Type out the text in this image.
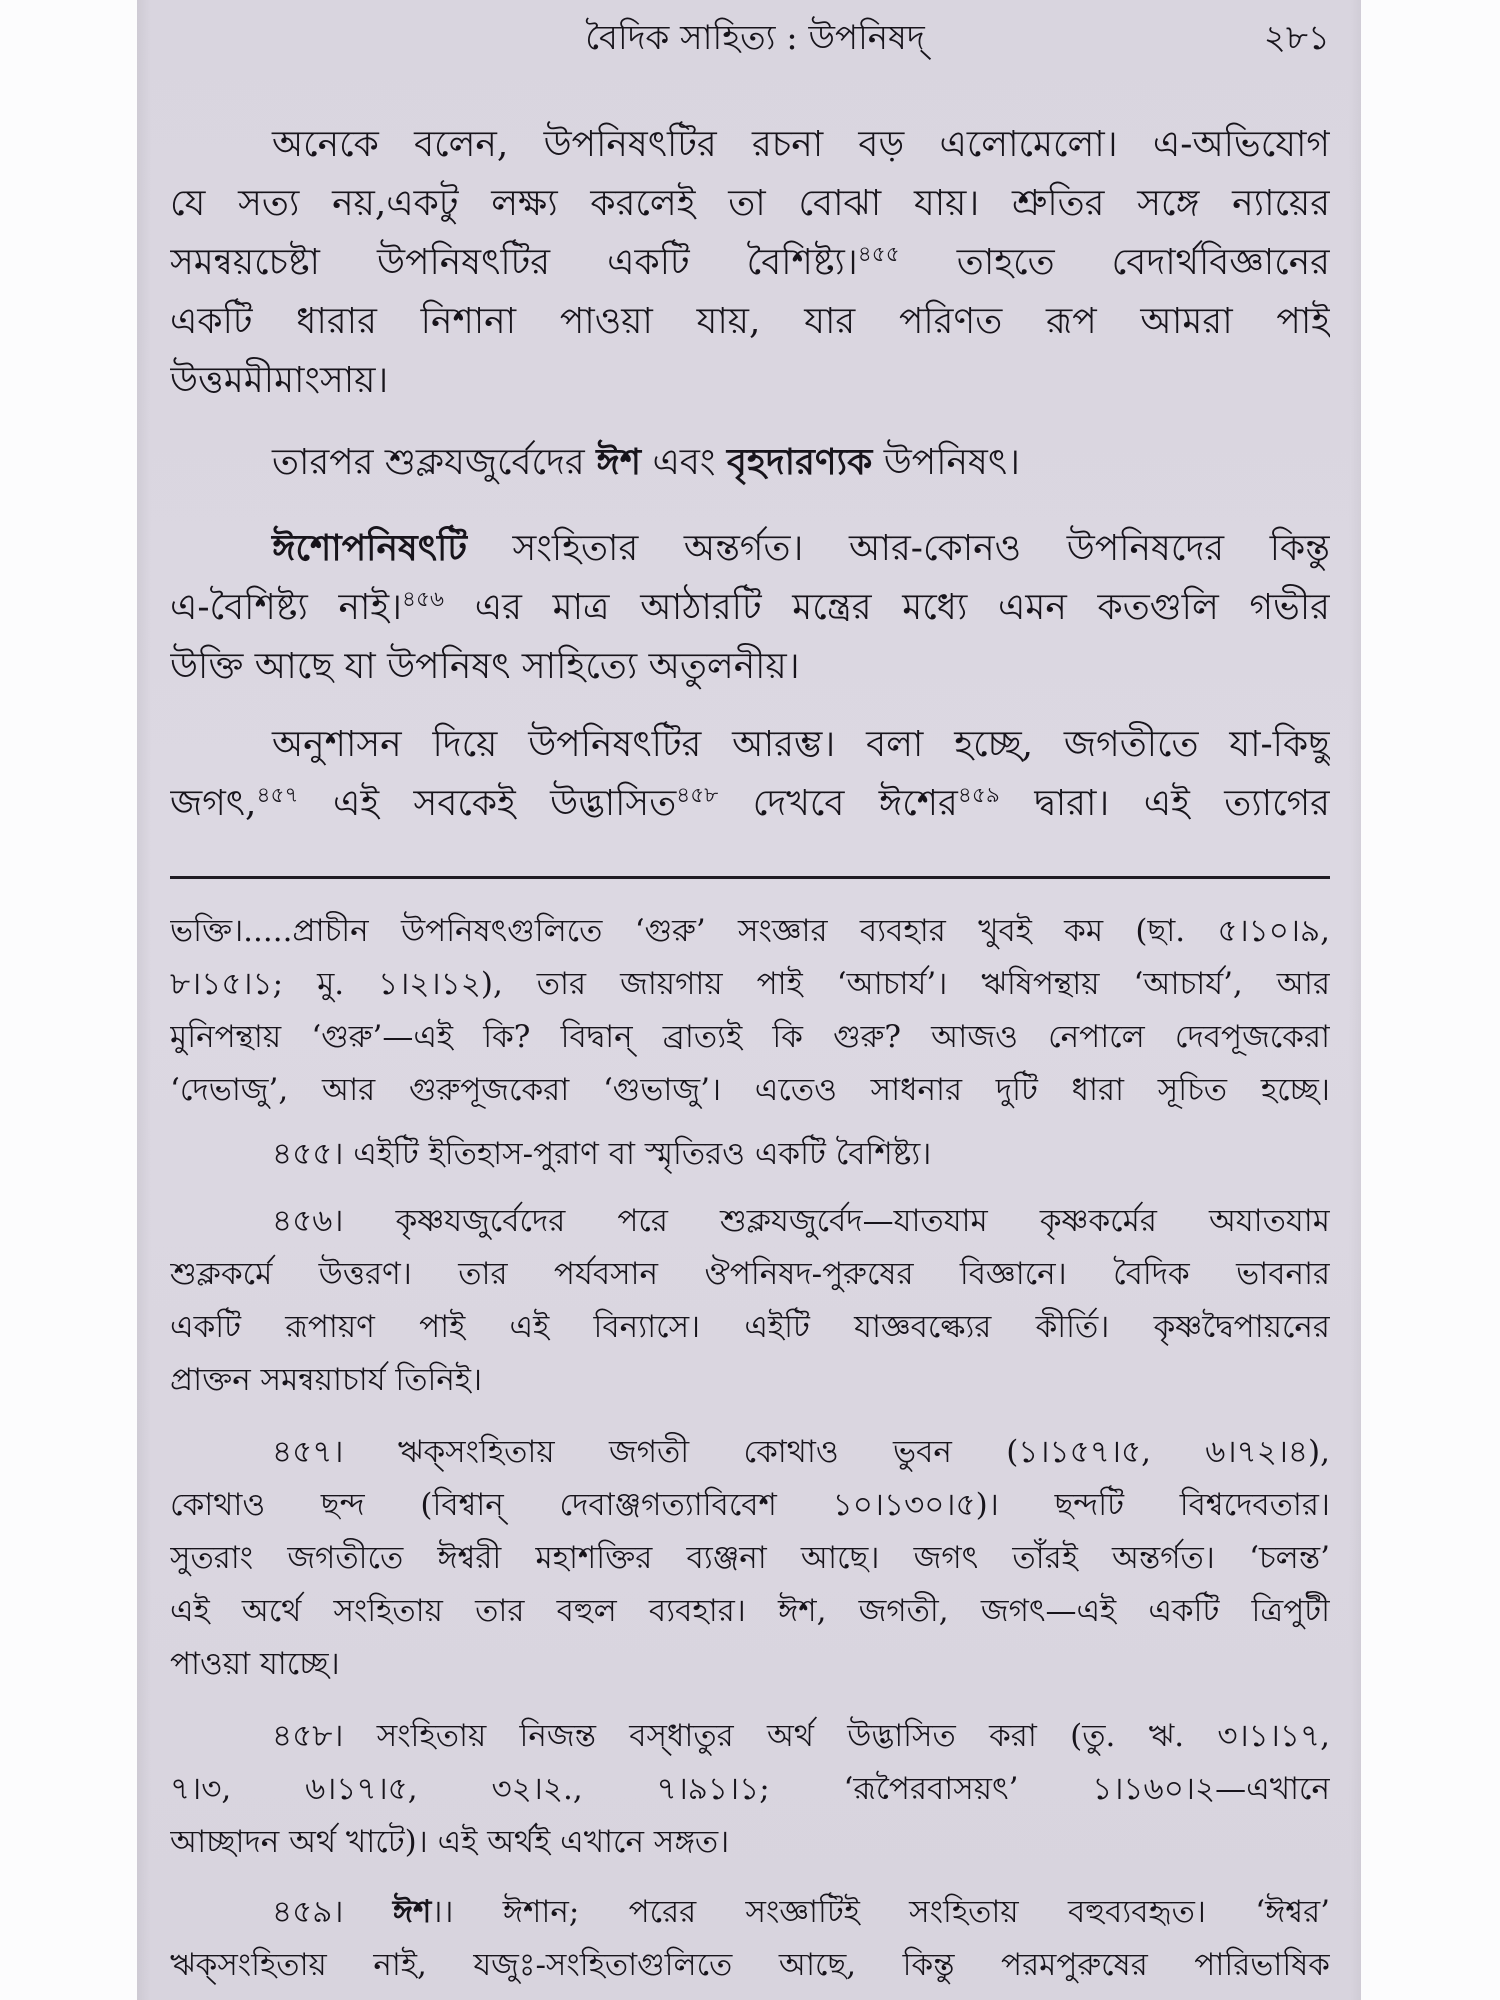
বৈদিক সাহিত্য : উপনিষদ্	২৮১
অনেকে বলেন, উপনিষৎটির রচনা বড় এলোমেলো। এ-অভিযোগ
যে সত্য নয়,একটু লক্ষ্য করলেই তা বোঝা যায়। শ্রুতির সঙ্গে ন্যায়ের
সমন্বয়চেষ্টা উপনিষৎটির একটি বৈশিষ্ট্য।$^{৪৫৫}$ তাহতে বেদার্থবিজ্ঞানের
একটি ধারার নিশানা পাওয়া যায়, যার পরিণত রূপ আমরা পাই
উত্তমমীমাংসায়।
তারপর শুক্লযজুর্বেদের ঈশ এবং বৃহদারণ্যক উপনিষৎ।
ঈশোপনিষৎটি সংহিতার অন্তর্গত। আর-কোনও উপনিষদের কিন্তু
এ-বৈশিষ্ট্য নাই।$^{৪৫৬}$ এর মাত্র আঠারটি মন্ত্রের মধ্যে এমন কতগুলি গভীর
উক্তি আছে যা উপনিষৎ সাহিত্যে অতুলনীয়।
অনুশাসন দিয়ে উপনিষৎটির আরম্ভ। বলা হচ্ছে, জগতীতে যা-কিছু
জগৎ,$^{৪৫৭}$ এই সবকেই উদ্ভাসিত$^{৪৫৮}$ দেখবে ঈশের$^{৪৫৯}$ দ্বারা। এই ত্যাগের
ভক্তি।.....প্রাচীন উপনিষৎগুলিতে ‘গুরু’ সংজ্ঞার ব্যবহার খুবই কম (ছা. ৫।১০।৯,
৮।১৫।১; মু. ১।২।১২), তার জায়গায় পাই ‘আচার্য’। ঋষিপন্থায় ‘আচার্য’, আর
মুনিপন্থায় ‘গুরু’—এই কি? বিদ্বান্ ব্রাত্যই কি গুরু? আজও নেপালে দেবপূজকেরা
‘দেভাজু’, আর গুরুপূজকেরা ‘গুভাজু’। এতেও সাধনার দুটি ধারা সূচিত হচ্ছে।
৪৫৫। এইটি ইতিহাস-পুরাণ বা স্মৃতিরও একটি বৈশিষ্ট্য।
৪৫৬। কৃষ্ণযজুর্বেদের পরে শুক্লযজুর্বেদ—যাতযাম কৃষ্ণকর্মের অযাতযাম
শুক্লকর্মে উত্তরণ। তার পর্যবসান ঔপনিষদ-পুরুষের বিজ্ঞানে। বৈদিক ভাবনার
একটি রূপায়ণ পাই এই বিন্যাসে। এইটি যাজ্ঞবল্ক্যের কীর্তি। কৃষ্ণদ্বৈপায়নের
প্রাক্তন সমন্বয়াচার্য তিনিই।
৪৫৭। ঋক্‌সংহিতায় জগতী কোথাও ভুবন (১।১৫৭।৫, ৬।৭২।৪),
কোথাও ছন্দ (বিশ্বান্ দেবাঞ্জগত্যাবিবেশ ১০।১৩০।৫)। ছন্দটি বিশ্বদেবতার।
সুতরাং জগতীতে ঈশ্বরী মহাশক্তির ব্যঞ্জনা আছে। জগৎ তাঁরই অন্তর্গত। ‘চলন্ত’
এই অর্থে সংহিতায় তার বহুল ব্যবহার। ঈশ, জগতী, জগৎ—এই একটি ত্রিপুটী
পাওয়া যাচ্ছে।
৪৫৮। সংহিতায় নিজন্ত বস্‌ধাতুর অর্থ উদ্ভাসিত করা (তু. ঋ. ৩।১।১৭,
৭।৩, ৬।১৭।৫, ৩২।২., ৭।৯১।১; ‘রূপৈরবাসয়ৎ’ ১।১৬০।২—এখানে
আচ্ছাদন অর্থ খাটে)। এই অর্থই এখানে সঙ্গত।
৪৫৯। ঈশ।। ঈশান; পরের সংজ্ঞাটিই সংহিতায় বহুব্যবহৃত। ‘ঈশ্বর’
ঋক্‌সংহিতায় নাই, যজুঃ-সংহিতাগুলিতে আছে, কিন্তু পরমপুরুষের পারিভাষিক
